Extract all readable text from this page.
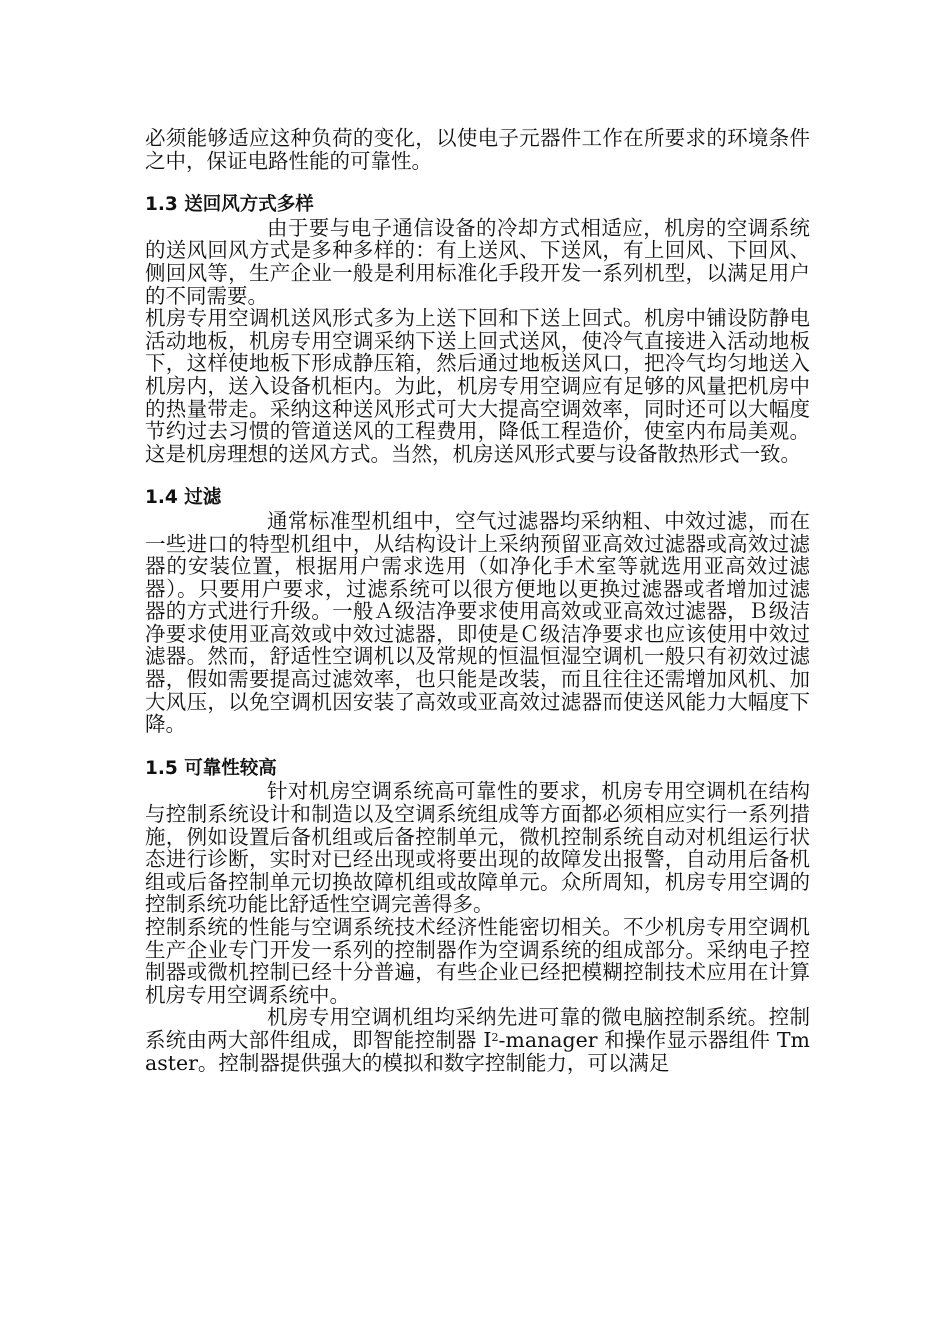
必须能够适应这种负荷的变化，以使电子元器件工作在所要求的环境条件之中，保证电路性能的可靠性。

1.3 送回风方式多样

由于要与电子通信设备的冷却方式相适应，机房的空调系统的送风回风方式是多种多样的：有上送风、下送风，有上回风、下回风、侧回风等，生产企业一般是利用标准化手段开发一系列机型，以满足用户的不同需要。

机房专用空调机送风形式多为上送下回和下送上回式。机房中铺设防静电活动地板，机房专用空调采纳下送上回式送风，使冷气直接进入活动地板下，这样使地板下形成静压箱，然后通过地板送风口，把冷气均匀地送入机房内，送入设备机柜内。为此，机房专用空调应有足够的风量把机房中的热量带走。采纳这种送风形式可大大提高空调效率，同时还可以大幅度节约过去习惯的管道送风的工程费用，降低工程造价，使室内布局美观。这是机房理想的送风方式。当然，机房送风形式要与设备散热形式一致。

1.4 过滤

通常标准型机组中，空气过滤器均采纳粗、中效过滤，而在一些进口的特型机组中，从结构设计上采纳预留亚高效过滤器或高效过滤器的安装位置，根据用户需求选用（如净化手术室等就选用亚高效过滤器）。只要用户要求，过滤系统可以很方便地以更换过滤器或者增加过滤器的方式进行升级。一般Ａ级洁净要求使用高效或亚高效过滤器，Ｂ级洁净要求使用亚高效或中效过滤器，即使是Ｃ级洁净要求也应该使用中效过滤器。然而，舒适性空调机以及常规的恒温恒湿空调机一般只有初效过滤器，假如需要提高过滤效率，也只能是改装，而且往往还需增加风机、加大风压，以免空调机因安装了高效或亚高效过滤器而使送风能力大幅度下降。

1.5 可靠性较高

针对机房空调系统高可靠性的要求，机房专用空调机在结构与控制系统设计和制造以及空调系统组成等方面都必须相应实行一系列措施，例如设置后备机组或后备控制单元，微机控制系统自动对机组运行状态进行诊断，实时对已经出现或将要出现的故障发出报警，自动用后备机组或后备控制单元切换故障机组或故障单元。众所周知，机房专用空调的控制系统功能比舒适性空调完善得多。

控制系统的性能与空调系统技术经济性能密切相关。不少机房专用空调机生产企业专门开发一系列的控制器作为空调系统的组成部分。采纳电子控制器或微机控制已经十分普遍，有些企业已经把模糊控制技术应用在计算机房专用空调系统中。

机房专用空调机组均采纳先进可靠的微电脑控制系统。控制系统由两大部件组成，即智能控制器 $I^2$-manager 和操作显示器组件 Tmaster。控制器提供强大的模拟和数字控制能力，可以满足
